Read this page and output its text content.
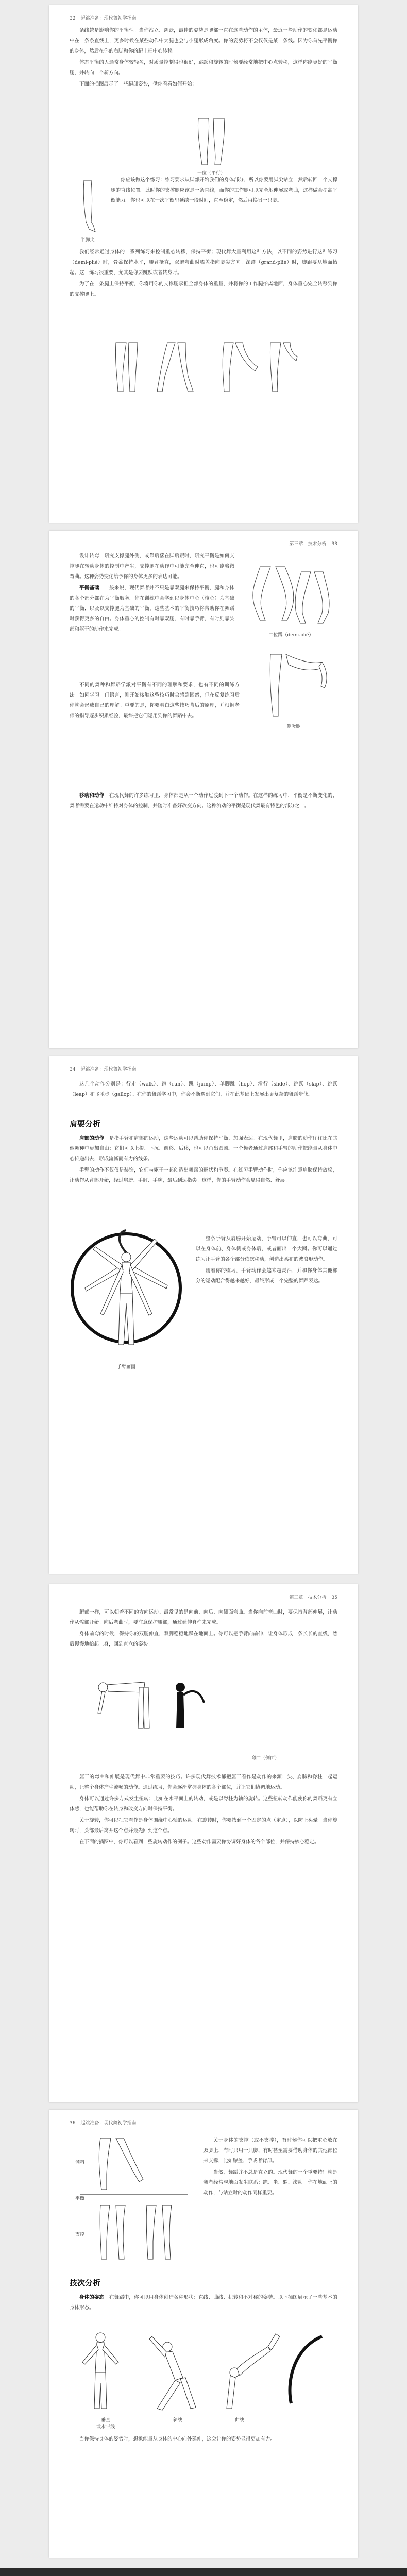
32 起跳准备：现代舞初学指南

条线越是影响你的平衡性。当你站立、跳跃，最佳的姿势是腿部一直在这些动作的主体，最近一些动作的变化都是运动中在一条条直线上，更多时候在某些动作中大腿也会与小腿形成角度。你的姿势将不会仅仅是某一条线。因为你首先平衡你的身体，然后在你的右脚和你的腿上把中心转移。

体态平衡的人通常身体较轻盈，对质量控制得也很好，跳跃和旋转的时候要经常地把中心点转移，这样你能更好的平衡腿，并转向一个新方向。

下面的插图展示了一些腿部姿势，供你看看如何开始：

一位（平行）
半脚尖

你应该做这个练习：练习要求从脚部开始我们的身体部分，所以你要用脚尖站立，然后转回一个支撑腿的直线位置。此时你的支撑腿应该是一条直线，而你的工作腿可以完全地伸展或弯曲，这样做会提高平衡能力。你也可以在一次平衡里延续一段时间，直至稳定，然后再换另一只脚。

我们经常通过身体的一系列练习来控制重心转移，保持平衡；现代舞大量利用这种方法，以不同的姿势进行这种练习（demi-plié）时，骨盆保持水平，腰背挺直，双腿弯曲时膝盖指向脚尖方向。深蹲（grand-plié）时，脚跟要从地面抬起。这一练习很重要，尤其是你要跳跃或者转身时。

为了在一条腿上保持平衡，你将用你的支撑腿承担全部身体的重量，并将你的工作腿抬离地面，身体重心完全转移到你的支撑腿上。

第三章　技术分析 33

设计转弯，研究支撑腿外侧，或靠后落在脚后跟时，研究平衡是如何支撑腿在转动身体的控制中产生，支撑腿在动作中可能完全伸直，也可能略微弯曲。这种姿势变化给予你的身体更多的表达可能。

平衡基础　 一般来说，现代舞者并不只是靠双腿来保持平衡，腿和身体的各个部分都在为平衡服务。你在训练中会学到以身体中心（核心）为基础的平衡，以及以支撑腿为基础的平衡，这些基本的平衡技巧将帮助你在舞蹈时获得更多的自由。身体重心的控制有时靠双腿、有时靠手臂，有时则靠头部和躯干的动作来完成。

二位蹲（demi-plié）
侧吸腿

不同的舞种和舞蹈学派对平衡有不同的理解和要求，也有不同的训练方法。如同学习一门语言，刚开始接触这些技巧时会感到困惑，但在反复练习后你就会形成自己的理解。重要的是，你要明白这些技巧背后的原理，并根据老师的指导逐步积累经验，最终把它们运用到你的舞蹈中去。

移动和动作　 在现代舞的许多练习里，身体都是从一个动作过渡到下一个动作。在这样的练习中，平衡是不断变化的，舞者需要在运动中维持对身体的控制，并随时准备好改变方向。这种流动的平衡是现代舞最有特色的部分之一。

34 起跳准备：现代舞初学指南

这几个动作分别是：行走（walk）、跑（run）、跳（jump）、单脚跳（hop）、滑行（slide）、跳跃（skip）、跳跃（leap）和飞驰步（gallop）。在你的舞蹈学习中，你会不断遇到它们，并在此基础上发展出更复杂的舞蹈步伐。

肩要分析

肩部的动作　 是指手臂和肩部的运动，这些运动可以帮助你保持平衡、加强表达。在现代舞里，肩膀的动作往往比在其他舞种中更加自由：它们可以上提、下沉、前移、后移，也可以画出圆圈。一个舞者通过肩部和手臂的动作把能量从身体中心传递出去，形成流畅而有力的线条。

手臂的动作不仅仅是装饰，它们与躯干一起创造出舞蹈的形状和节奏。在练习手臂动作时，你应该注意肩膀保持放松，让动作从背部开始，经过肩膀、手肘、手腕，最后到达指尖。这样，你的手臂动作会显得自然、舒展。

手臂画圆

整条手臂从肩膀开始运动，手臂可以伸直，也可以弯曲，可以在身体前、身体侧或身体后，或者画出一个大圆。你可以通过练习让手臂的各个部分依次移动，创造出柔和的波浪形动作。

随着你的练习，手臂动作会越来越灵活，并和你身体其他部分的运动配合得越来越好，最终形成一个完整的舞蹈表达。

第三章　技术分析 35

腿部一样，可以朝着不同的方向运动。最常见的是向前、向后、向侧面弯曲。当你向前弯曲时，要保持背部伸展，让动作从髋部开始。向后弯曲时，要注意保护腰部，通过延伸脊柱来完成。

身体前弯的时候，保持你的双腿伸直，双脚稳稳地踩在地面上。你可以把手臂向前伸，让身体形成一条长长的直线，然后慢慢地抬起上身，回到直立的姿势。

弯曲（侧面）

躯干的弯曲和伸展是现代舞中非常重要的技巧。许多现代舞技术都把躯干看作是动作的来源：头、肩膀和脊柱一起运动，让整个身体产生流畅的动作。通过练习，你会逐渐掌握身体的各个部位，并让它们协调地运动。

身体可以通过许多方式发生扭转：比如在水平面上的转动，或是以脊柱为轴的旋转。这些扭转动作能使你的舞蹈更有立体感，也能帮助你在转身和改变方向时保持平衡。

关于旋转，你可以把它看作是身体围绕中心轴的运动。在旋转时，你要找到一个固定的点（定点），以防止头晕。当你旋转时，头部最后离开这个点并最先回到这个点。

在下面的插图中，你可以看到一些旋转动作的例子。这些动作需要你协调好身体的各个部位，并保持核心稳定。

36 起跳准备：现代舞初学指南
倾斜
平衡
支撑

关于身体的支撑（或不支撑），有时候你可以把重心放在双脚上，有时只用一只脚，有时甚至需要借助身体的其他部位来支撑，比如膝盖、手或者背部。

当然，舞蹈并不总是直立的。现代舞的一个重要特征就是舞者经常与地面发生联系：跪、坐、躺、滚动。你在地面上的动作，与站立时的动作同样重要。

技次分析

身体的姿态　 在舞蹈中，你可以用身体创造各种形状：直线、曲线、扭转和不对称的姿势。以下插图展示了一些基本的身体形态。

垂直
或水平线
斜线	曲线

当你保持身体的姿势时，想象能量从身体的中心向外延伸，这会让你的姿势显得更加有力。
